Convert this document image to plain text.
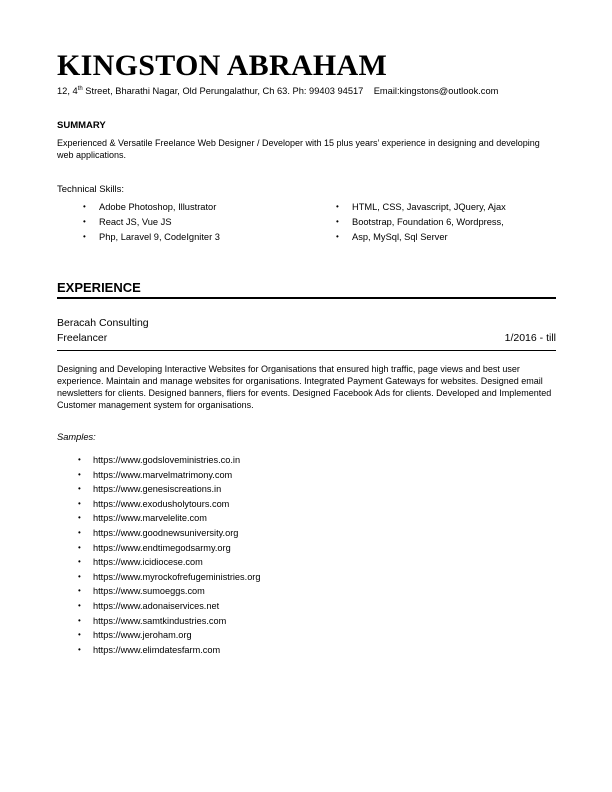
KINGSTON ABRAHAM
12, 4th Street, Bharathi Nagar, Old Perungalathur, Ch 63. Ph: 99403 94517 Email:kingstons@outlook.com
SUMMARY
Experienced & Versatile Freelance Web Designer / Developer with 15 plus years’ experience in designing and developing web applications.
Technical Skills:
• Adobe Photoshop, Illustrator
• React JS, Vue JS
• Php, Laravel 9, CodeIgniter 3
• HTML, CSS, Javascript, JQuery, Ajax
• Bootstrap, Foundation 6, Wordpress,
• Asp, MySql, Sql Server
EXPERIENCE
Beracah Consulting
Freelancer	1/2016 - till
Designing and Developing Interactive Websites for Organisations that ensured high traffic, page views and best user experience. Maintain and manage websites for organisations. Integrated Payment Gateways for websites. Designed email newsletters for clients. Designed banners, fliers for events. Designed Facebook Ads for clients. Developed and Implemented Customer management system for organisations.
Samples:
• https://www.godsloveministries.co.in
• https://www.marvelmatrimony.com
• https://www.genesiscreations.in
• https://www.exodusholytours.com
• https://www.marvelelite.com
• https://www.goodnewsuniversity.org
• https://www.endtimegodsarmy.org
• https://www.icidiocese.com
• https://www.myrockofrefugeministries.org
• https://www.sumoeggs.com
• https://www.adonaiservices.net
• https://www.samtkindustries.com
• https://www.jeroham.org
• https://www.elimdatesfarm.com
